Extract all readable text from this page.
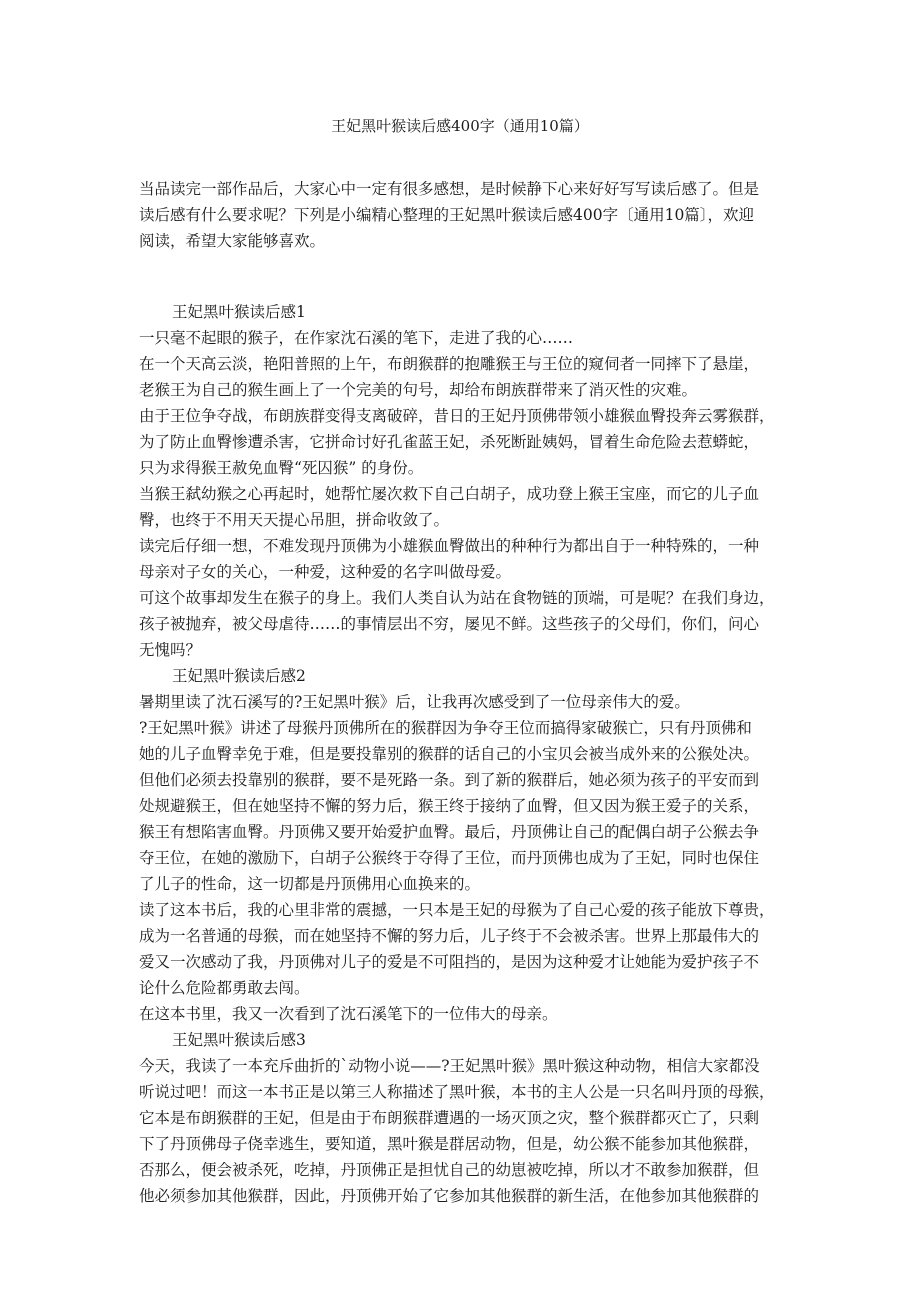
王妃黑叶猴读后感400字（通用10篇）
当品读完一部作品后，大家心中一定有很多感想，是时候静下心来好好写写读后感了。但是
读后感有什么要求呢？下列是小编精心整理的王妃黑叶猴读后感400字〔通用10篇〕，欢迎
阅读，希望大家能够喜欢。
王妃黑叶猴读后感1
一只毫不起眼的猴子，在作家沈石溪的笔下，走进了我的心……
在一个天高云淡，艳阳普照的上午，布朗猴群的抱雕猴王与王位的窥伺者一同摔下了悬崖，
老猴王为自己的猴生画上了一个完美的句号，却给布朗族群带来了消灭性的灾难。
由于王位争夺战，布朗族群变得支离破碎，昔日的王妃丹顶佛带领小雄猴血臀投奔云雾猴群，
为了防止血臀惨遭杀害，它拼命讨好孔雀蓝王妃，杀死断趾姨妈，冒着生命危险去惹蟒蛇，
只为求得猴王赦免血臀“死囚猴” 的身份。
当猴王弑幼猴之心再起时，她帮忙屡次救下自己白胡子，成功登上猴王宝座，而它的儿子血
臀，也终于不用天天提心吊胆，拼命收敛了。
读完后仔细一想，不难发现丹顶佛为小雄猴血臀做出的种种行为都出自于一种特殊的，一种
母亲对子女的关心，一种爱，这种爱的名字叫做母爱。
可这个故事却发生在猴子的身上。我们人类自认为站在食物链的顶端，可是呢？在我们身边，
孩子被抛弃，被父母虐待……的事情层出不穷，屡见不鲜。这些孩子的父母们，你们，问心
无愧吗？
王妃黑叶猴读后感2
暑期里读了沈石溪写的?王妃黑叶猴》后，让我再次感受到了一位母亲伟大的爱。
?王妃黑叶猴》讲述了母猴丹顶佛所在的猴群因为争夺王位而搞得家破猴亡，只有丹顶佛和
她的儿子血臀幸免于难，但是要投靠别的猴群的话自己的小宝贝会被当成外来的公猴处决。
但他们必须去投靠别的猴群，要不是死路一条。到了新的猴群后，她必须为孩子的平安而到
处规避猴王，但在她坚持不懈的努力后，猴王终于接纳了血臀，但又因为猴王爱子的关系，
猴王有想陷害血臀。丹顶佛又要开始爱护血臀。最后，丹顶佛让自己的配偶白胡子公猴去争
夺王位，在她的激励下，白胡子公猴终于夺得了王位，而丹顶佛也成为了王妃，同时也保住
了儿子的性命，这一切都是丹顶佛用心血换来的。
读了这本书后，我的心里非常的震撼，一只本是王妃的母猴为了自己心爱的孩子能放下尊贵，
成为一名普通的母猴，而在她坚持不懈的努力后，儿子终于不会被杀害。世界上那最伟大的
爱又一次感动了我，丹顶佛对儿子的爱是不可阻挡的，是因为这种爱才让她能为爱护孩子不
论什么危险都勇敢去闯。
在这本书里，我又一次看到了沈石溪笔下的一位伟大的母亲。
王妃黑叶猴读后感3
今天，我读了一本充斥曲折的`动物小说——?王妃黑叶猴》黑叶猴这种动物，相信大家都没
听说过吧！而这一本书正是以第三人称描述了黑叶猴，本书的主人公是一只名叫丹顶的母猴，
它本是布朗猴群的王妃，但是由于布朗猴群遭遇的一场灭顶之灾，整个猴群都灭亡了，只剩
下了丹顶佛母子侥幸逃生，要知道，黑叶猴是群居动物，但是，幼公猴不能参加其他猴群，
否那么，便会被杀死，吃掉，丹顶佛正是担忧自己的幼崽被吃掉，所以才不敢参加猴群，但
他必须参加其他猴群，因此，丹顶佛开始了它参加其他猴群的新生活，在他参加其他猴群的
